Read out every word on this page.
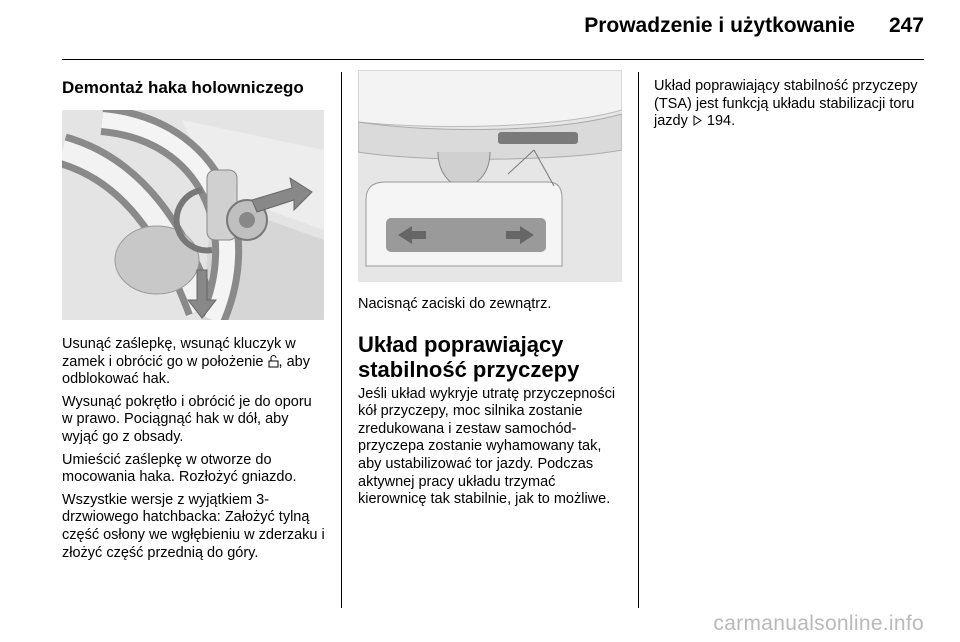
Prowadzenie i użytkowanie 247
Demontaż haka holowniczego

Usunąć zaślepkę, wsunąć kluczyk w zamek i obrócić go w położenie , aby odblokować hak.

Wysunąć pokrętło i obrócić je do oporu w prawo. Pociągnąć hak w dół, aby wyjąć go z obsady.

Umieścić zaślepkę w otworze do mocowania haka. Rozłożyć gniazdo.

Wszystkie wersje z wyjątkiem 3-drzwiowego hatchbacka: Założyć tylną część osłony we wgłębieniu w zderzaku i złożyć część przednią do góry.

Nacisnąć zaciski do zewnątrz.

Układ poprawiający stabilność przyczepy

Jeśli układ wykryje utratę przyczepności kół przyczepy, moc silnika zostanie zredukowana i zestaw samochód-przyczepa zostanie wyhamowany tak, aby ustabilizować tor jazdy. Podczas aktywnej pracy układu trzymać kierownicę tak stabilnie, jak to możliwe.

Układ poprawiający stabilność przyczepy (TSA) jest funkcją układu stabilizacji toru jazdy  194.

carmanualsonline.info
